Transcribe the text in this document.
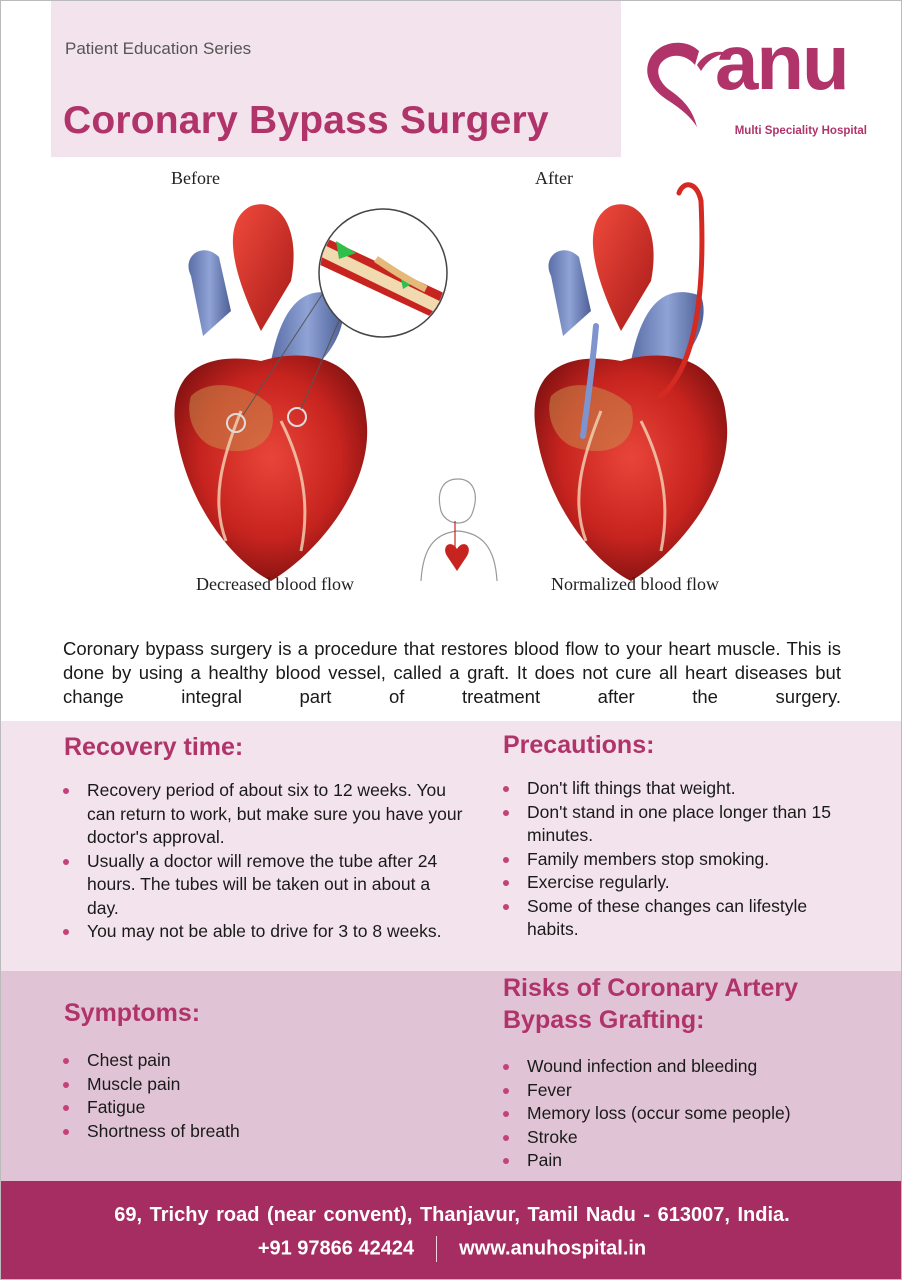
Patient Education Series
Coronary Bypass Surgery
anu
Multi Speciality Hospital
Before	After
Decreased blood flow	Normalized blood flow

Coronary bypass surgery is a procedure that restores blood flow to your heart muscle. This is done by using a healthy blood vessel, called a graft. It does not cure all heart diseases but change integral part of treatment after the surgery.

Recovery time:
Recovery period of about six to 12 weeks. You can return to work, but make sure you have your doctor's approval.
Usually a doctor will remove the tube after 24 hours. The tubes will be taken out in about a day.
You may not be able to drive for 3 to 8 weeks.
Precautions:
Don't lift things that weight.
Don't stand in one place longer than 15 minutes.
Family members stop smoking.
Exercise regularly.
Some of these changes can lifestyle habits.
Symptoms:
Chest pain
Muscle pain
Fatigue
Shortness of breath
Risks of Coronary Artery Bypass Grafting:
Wound infection and bleeding
Fever
Memory loss (occur some people)
Stroke
Pain
69, Trichy road (near convent), Thanjavur, Tamil Nadu - 613007, India.
+91 97866 42424 www.anuhospital.in
